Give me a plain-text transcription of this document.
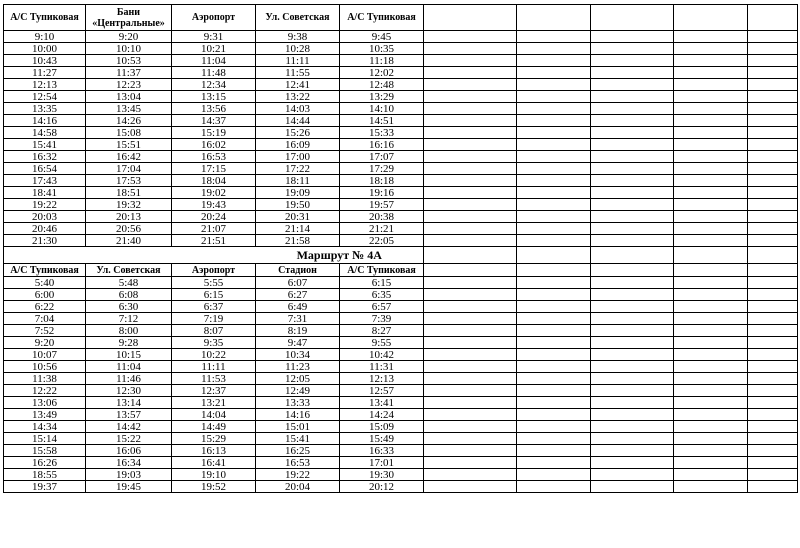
А/С Тупиковая	Бани «Центральные»	Аэропорт	Ул. Советская	А/С Тупиковая					
9:10	9:20	9:31	9:38	9:45					
10:00	10:10	10:21	10:28	10:35					
10:43	10:53	11:04	11:11	11:18					
11:27	11:37	11:48	11:55	12:02					
12:13	12:23	12:34	12:41	12:48					
12:54	13:04	13:15	13:22	13:29					
13:35	13:45	13:56	14:03	14:10					
14:16	14:26	14:37	14:44	14:51					
14:58	15:08	15:19	15:26	15:33					
15:41	15:51	16:02	16:09	16:16					
16:32	16:42	16:53	17:00	17:07					
16:54	17:04	17:15	17:22	17:29					
17:43	17:53	18:04	18:11	18:18					
18:41	18:51	19:02	19:09	19:16					
19:22	19:32	19:43	19:50	19:57					
20:03	20:13	20:24	20:31	20:38					
20:46	20:56	21:07	21:14	21:21					
21:30	21:40	21:51	21:58	22:05					
			Маршрут № 4А						
А/С Тупиковая	Ул. Советская	Аэропорт	Стадион	А/С Тупиковая					
5:40	5:48	5:55	6:07	6:15					
6:00	6:08	6:15	6:27	6:35					
6:22	6:30	6:37	6:49	6:57					
7:04	7:12	7:19	7:31	7:39					
7:52	8:00	8:07	8:19	8:27					
9:20	9:28	9:35	9:47	9:55					
10:07	10:15	10:22	10:34	10:42					
10:56	11:04	11:11	11:23	11:31					
11:38	11:46	11:53	12:05	12:13					
12:22	12:30	12:37	12:49	12:57					
13:06	13:14	13:21	13:33	13:41					
13:49	13:57	14:04	14:16	14:24					
14:34	14:42	14:49	15:01	15:09					
15:14	15:22	15:29	15:41	15:49					
15:58	16:06	16:13	16:25	16:33					
16:26	16:34	16:41	16:53	17:01					
18:55	19:03	19:10	19:22	19:30					
19:37	19:45	19:52	20:04	20:12					
